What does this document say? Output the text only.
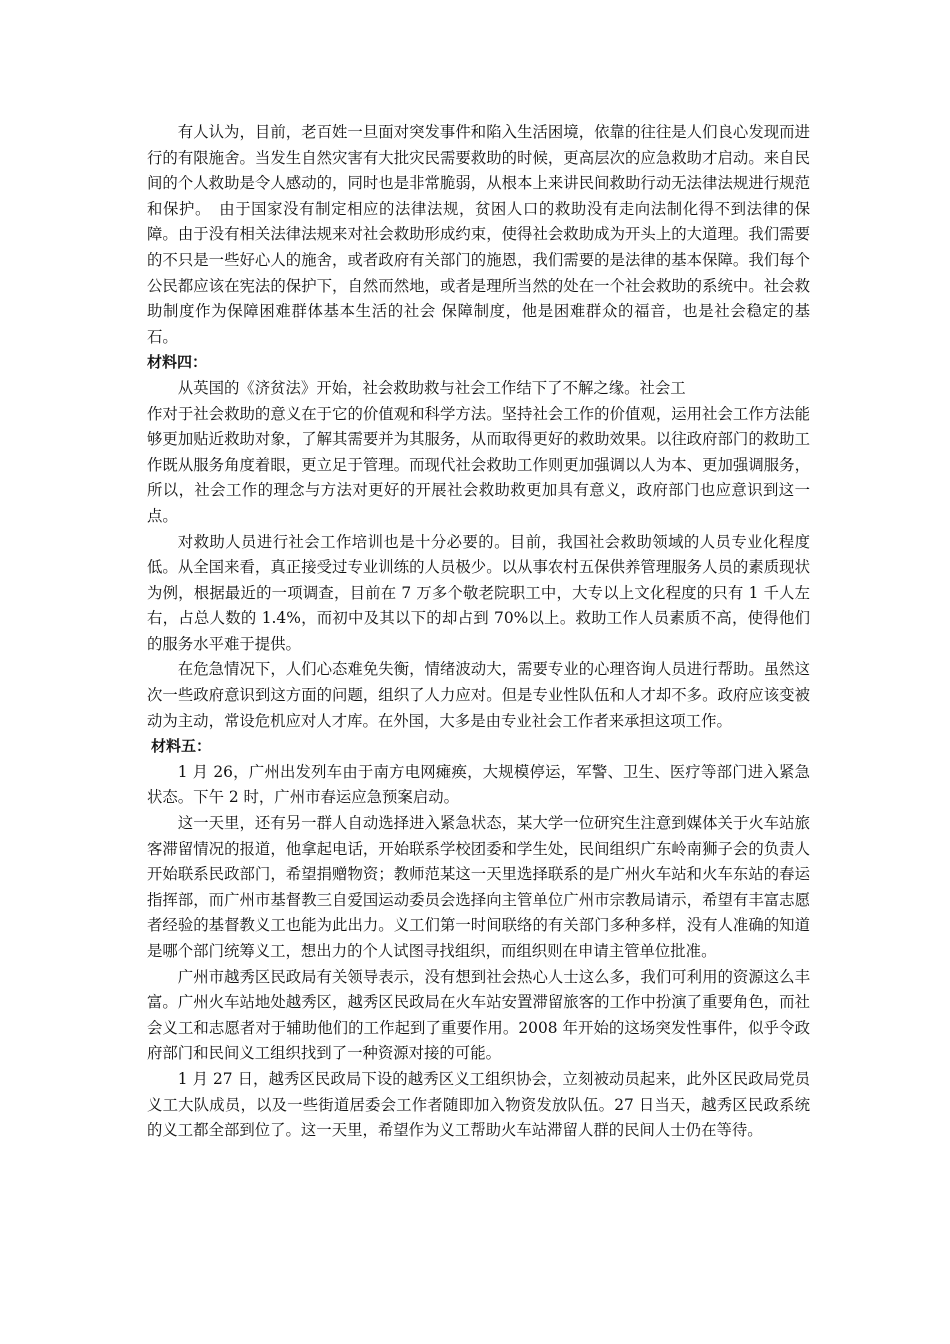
有人认为，目前，老百姓一旦面对突发事件和陷入生活困境，依靠的往往是人们良心发现而进行的有限施舍。当发生自然灾害有大批灾民需要救助的时候，更高层次的应急救助才启动。来自民间的个人救助是令人感动的，同时也是非常脆弱，从根本上来讲民间救助行动无法律法规进行规范和保护。　由于国家没有制定相应的法律法规，贫困人口的救助没有走向法制化得不到法律的保障。由于没有相关法律法规来对社会救助形成约束，使得社会救助成为开头上的大道理。我们需要的不只是一些好心人的施舍，或者政府有关部门的施恩，我们需要的是法律的基本保障。我们每个公民都应该在宪法的保护下，自然而然地，或者是理所当然的处在一个社会救助的系统中。社会救助制度作为保障困难群体基本生活的社会 保障制度，他是困难群众的福音，也是社会稳定的基石。

材料四：

从英国的《济贫法》开始，社会救助救与社会工作结下了不解之缘。社会工

作对于社会救助的意义在于它的价值观和科学方法。坚持社会工作的价值观，运用社会工作方法能够更加贴近救助对象，了解其需要并为其服务，从而取得更好的救助效果。以往政府部门的救助工作既从服务角度着眼，更立足于管理。而现代社会救助工作则更加强调以人为本、更加强调服务，所以，社会工作的理念与方法对更好的开展社会救助救更加具有意义，政府部门也应意识到这一点。

对救助人员进行社会工作培训也是十分必要的。目前，我国社会救助领域的人员专业化程度低。从全国来看，真正接受过专业训练的人员极少。以从事农村五保供养管理服务人员的素质现状为例，根据最近的一项调查，目前在 7 万多个敬老院职工中，大专以上文化程度的只有 1 千人左右，占总人数的 1.4%，而初中及其以下的却占到 70%以上。救助工作人员素质不高，使得他们的服务水平难于提供。

在危急情况下，人们心态难免失衡，情绪波动大，需要专业的心理咨询人员进行帮助。虽然这次一些政府意识到这方面的问题，组织了人力应对。但是专业性队伍和人才却不多。政府应该变被动为主动，常设危机应对人才库。在外国，大多是由专业社会工作者来承担这项工作。

材料五：

1 月 26，广州出发列车由于南方电网瘫痪，大规模停运，军警、卫生、医疗等部门进入紧急状态。下午 2 时，广州市春运应急预案启动。

这一天里，还有另一群人自动选择进入紧急状态，某大学一位研究生注意到媒体关于火车站旅客滞留情况的报道，他拿起电话，开始联系学校团委和学生处，民间组织广东岭南狮子会的负责人开始联系民政部门，希望捐赠物资；教师范某这一天里选择联系的是广州火车站和火车东站的春运指挥部，而广州市基督教三自爱国运动委员会选择向主管单位广州市宗教局请示，希望有丰富志愿者经验的基督教义工也能为此出力。义工们第一时间联络的有关部门多种多样，没有人准确的知道是哪个部门统筹义工，想出力的个人试图寻找组织，而组织则在申请主管单位批准。

广州市越秀区民政局有关领导表示，没有想到社会热心人士这么多，我们可利用的资源这么丰富。广州火车站地处越秀区，越秀区民政局在火车站安置滞留旅客的工作中扮演了重要角色，而社会义工和志愿者对于辅助他们的工作起到了重要作用。2008 年开始的这场突发性事件，似乎令政府部门和民间义工组织找到了一种资源对接的可能。

1 月 27 日，越秀区民政局下设的越秀区义工组织协会，立刻被动员起来，此外区民政局党员义工大队成员，以及一些街道居委会工作者随即加入物资发放队伍。27 日当天，越秀区民政系统的义工都全部到位了。这一天里，希望作为义工帮助火车站滞留人群的民间人士仍在等待。
